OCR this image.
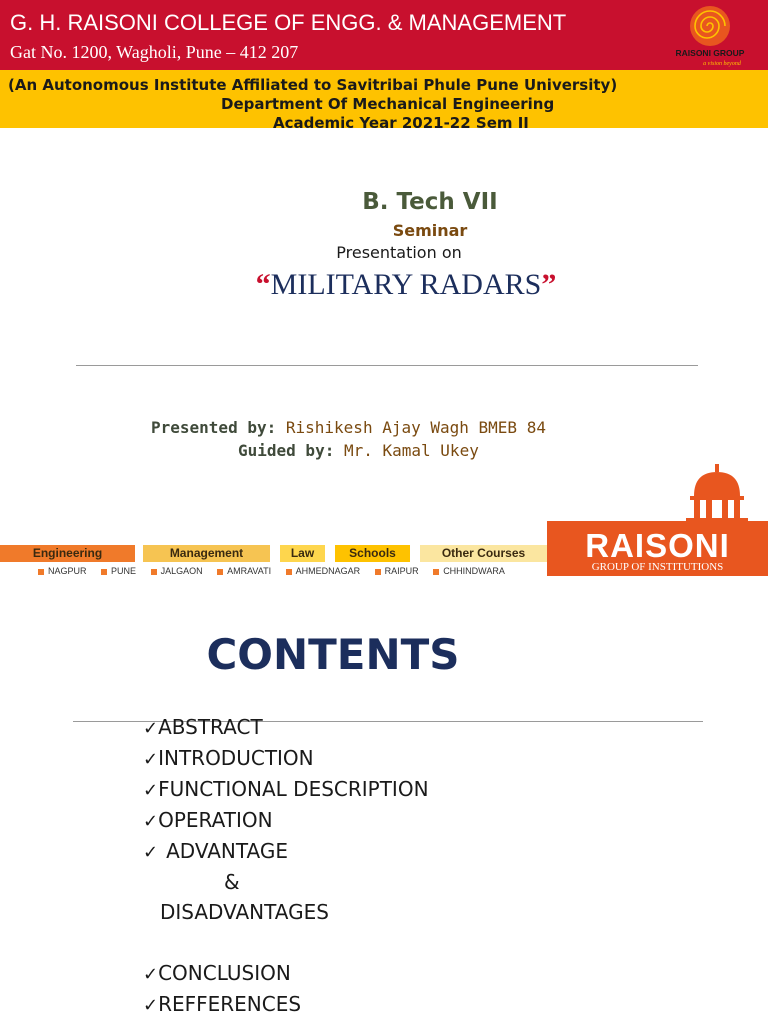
G. H. RAISONI COLLEGE OF ENGG. & MANAGEMENT
Gat No. 1200, Wagholi, Pune – 412 207	RAISONI GROUP
a vision beyond
(An Autonomous Institute Affiliated to Savitribai Phule Pune University)
Department Of Mechanical Engineering
Academic Year 2021-22 Sem II
B. Tech VII
Seminar
Presentation on
“MILITARY RADARS”
Presented by: Rishikesh Ajay Wagh BMEB 84
Guided by: Mr. Kamal Ukey
Engineering	Management	Law	Schools	Other Courses
NAGPUR	PUNE	JALGAON	AMRAVATI	AHMEDNAGAR	RAIPUR	CHHINDWARA
RAISONI
GROUP OF INSTITUTIONS
CONTENTS
✓ABSTRACT
✓INTRODUCTION
✓FUNCTIONAL DESCRIPTION
✓OPERATION
✓ ADVANTAGE
&
DISADVANTAGES
✓CONCLUSION
✓REFFERENCES
